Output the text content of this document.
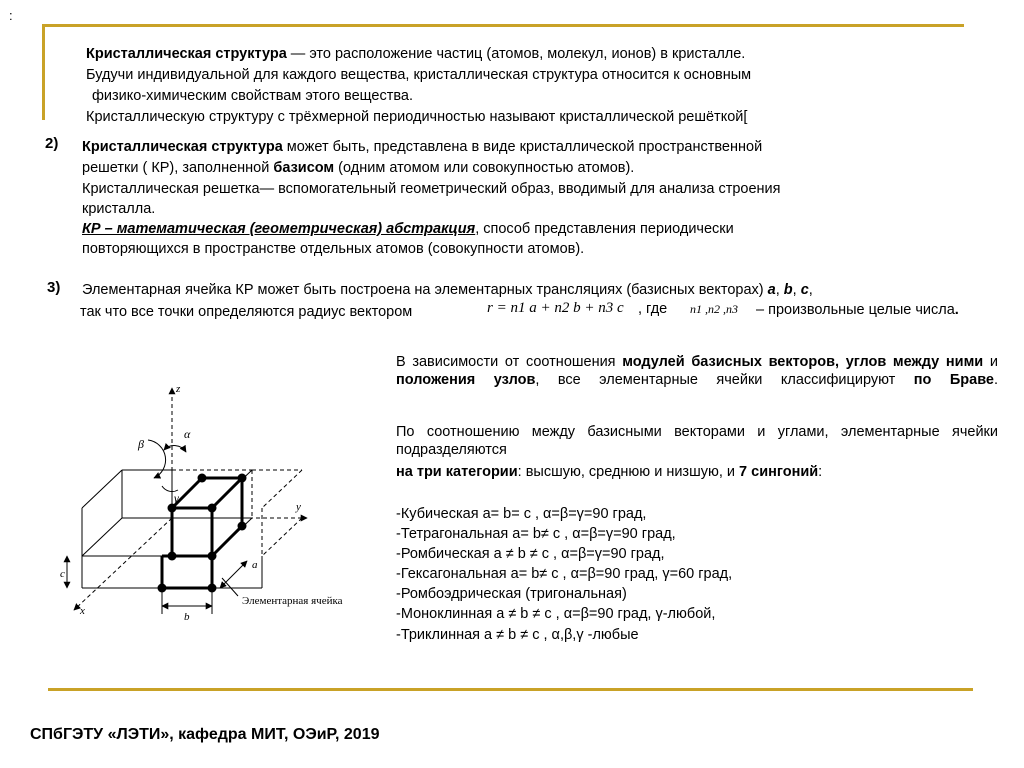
:
Кристаллическая структура — это расположение частиц (атомов, молекул, ионов) в кристалле.
Будучи индивидуальной для каждого вещества, кристаллическая структура относится к основным
физико-химическим свойствам этого вещества.
Кристаллическую структуру с трёхмерной периодичностью называют кристаллической решёткой[
2) Кристаллическая структура может быть, представлена в виде кристаллической пространственной
решетки ( КР), заполненной базисом (одним атомом или совокупностью атомов).
Кристаллическая решетка— вспомогательный геометрический образ, вводимый для анализа строения
кристалла.
КР – математическая (геометрическая) абстракция, способ представления периодически
повторяющихся в пространстве отдельных атомов (совокупности атомов).
3) Элементарная ячейка КР может быть построена на элементарных трансляциях (базисных векторах) a, b, c,
так что все точки определяются радиус вектором	r = n1 a + n2 b + n3 c , где n1 ,n2 ,n3 – произвольные целые числа.
В зависимости от соотношения модулей базисных векторов, углов между ними и положения узлов, все элементарные ячейки классифицируют по Браве.
По соотношению между базисными векторами и углами, элементарные ячейки
подразделяются
на три категории: высшую, среднюю и низшую, и 7 сингоний:
-Кубическая a= b= c , α=β=γ=90 град,
-Тетрагональная a= b≠ c , α=β=γ=90 град,
-Ромбическая a ≠ b ≠ c , α=β=γ=90 град,
-Гексагональная a= b≠ c , α=β=90 град, γ=60 град,
-Ромбоэдрическая (тригональная)
-Моноклинная a ≠ b ≠ c , α=β=90 град, γ-любой,
-Триклинная a ≠ b ≠ c , α,β,γ -любые
z
y
x
α
β
γ
a
b
c
Элементарная ячейка
СПбГЭТУ «ЛЭТИ», кафедра МИТ, ОЭиР, 2019
